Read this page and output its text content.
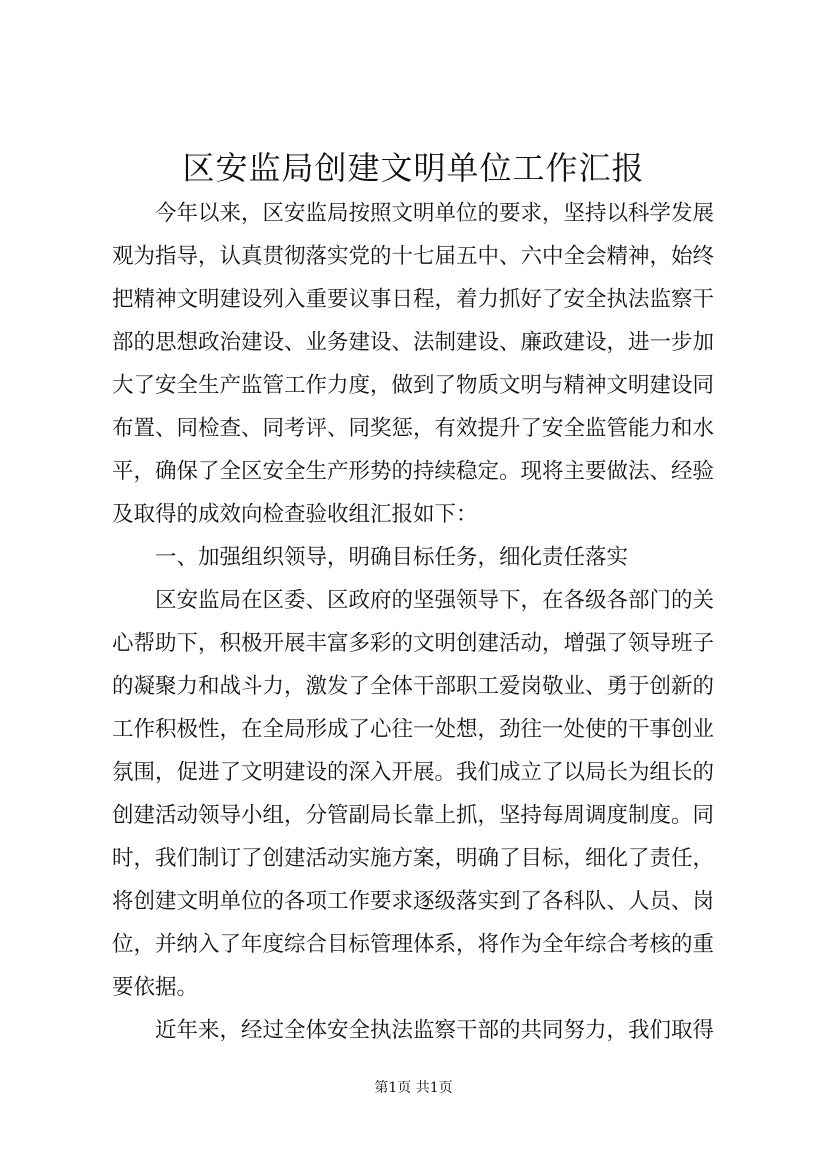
区安监局创建文明单位工作汇报
今年以来，区安监局按照文明单位的要求，坚持以科学发展
观为指导，认真贯彻落实党的十七届五中、六中全会精神，始终
把精神文明建设列入重要议事日程，着力抓好了安全执法监察干
部的思想政治建设、业务建设、法制建设、廉政建设，进一步加
大了安全生产监管工作力度，做到了物质文明与精神文明建设同
布置、同检查、同考评、同奖惩，有效提升了安全监管能力和水
平，确保了全区安全生产形势的持续稳定。现将主要做法、经验
及取得的成效向检查验收组汇报如下：
一、加强组织领导，明确目标任务，细化责任落实
区安监局在区委、区政府的坚强领导下，在各级各部门的关
心帮助下，积极开展丰富多彩的文明创建活动，增强了领导班子
的凝聚力和战斗力，激发了全体干部职工爱岗敬业、勇于创新的
工作积极性，在全局形成了心往一处想，劲往一处使的干事创业
氛围，促进了文明建设的深入开展。我们成立了以局长为组长的
创建活动领导小组，分管副局长靠上抓，坚持每周调度制度。同
时，我们制订了创建活动实施方案，明确了目标，细化了责任，
将创建文明单位的各项工作要求逐级落实到了各科队、人员、岗
位，并纳入了年度综合目标管理体系，将作为全年综合考核的重
要依据。
近年来，经过全体安全执法监察干部的共同努力，我们取得
第1页 共1页
